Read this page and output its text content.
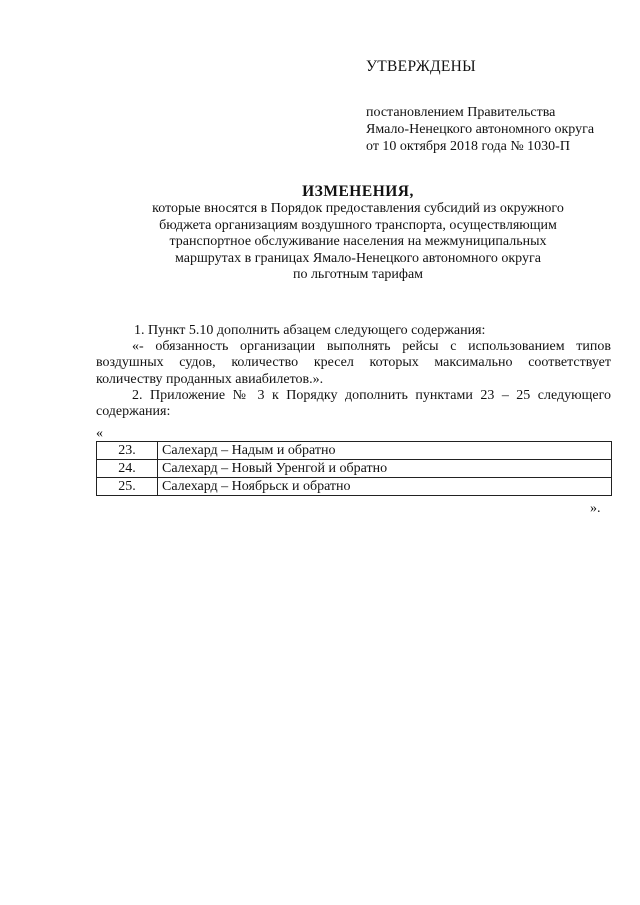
УТВЕРЖДЕНЫ
постановлением Правительства
Ямало-Ненецкого автономного округа
от 10 октября 2018 года № 1030-П
ИЗМЕНЕНИЯ,
которые вносятся в Порядок предоставления субсидий из окружного
бюджета организациям воздушного транспорта, осуществляющим
транспортное обслуживание населения на межмуниципальных
маршрутах в границах Ямало-Ненецкого автономного округа
по льготным тарифам
1. Пункт 5.10 дополнить абзацем следующего содержания:
«- обязанность организации выполнять рейсы с использованием типов
воздушных судов, количество кресел которых максимально соответствует
количеству проданных авиабилетов.».
2. Приложение № 3 к Порядку дополнить пунктами 23 – 25 следующего
содержания:
«
23.	Салехард – Надым и обратно
24.	Салехард – Новый Уренгой и обратно
25.	Салехард – Ноябрьск и обратно
».
